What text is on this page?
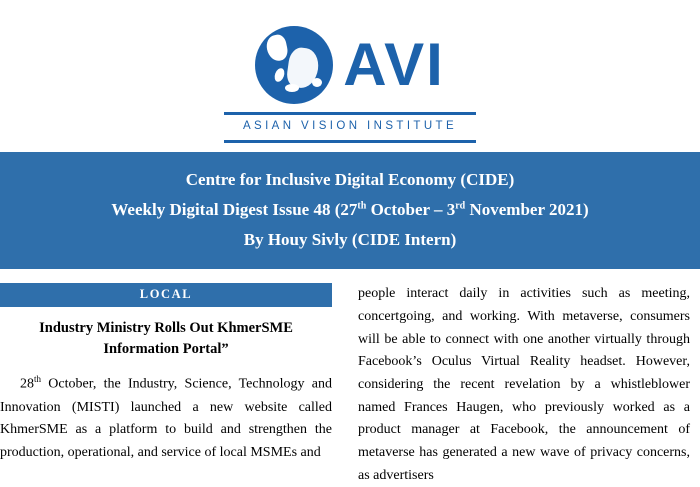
AVI
ASIAN VISION INSTITUTE
Centre for Inclusive Digital Economy (CIDE)
Weekly Digital Digest Issue 48 (27th October – 3rd November 2021)
By Houy Sivly (CIDE Intern)
LOCAL
Industry Ministry Rolls Out KhmerSME Information Portal”
28th October, the Industry, Science, Technology and Innovation (MISTI) launched a new website called KhmerSME as a platform to build and strengthen the production, operational, and service of local MSMEs and
people interact daily in activities such as meeting, concertgoing, and working. With metaverse, consumers will be able to connect with one another virtually through Facebook’s Oculus Virtual Reality headset. However, considering the recent revelation by a whistleblower named Frances Haugen, who previously worked as a product manager at Facebook, the announcement of metaverse has generated a new wave of privacy concerns, as advertisers
